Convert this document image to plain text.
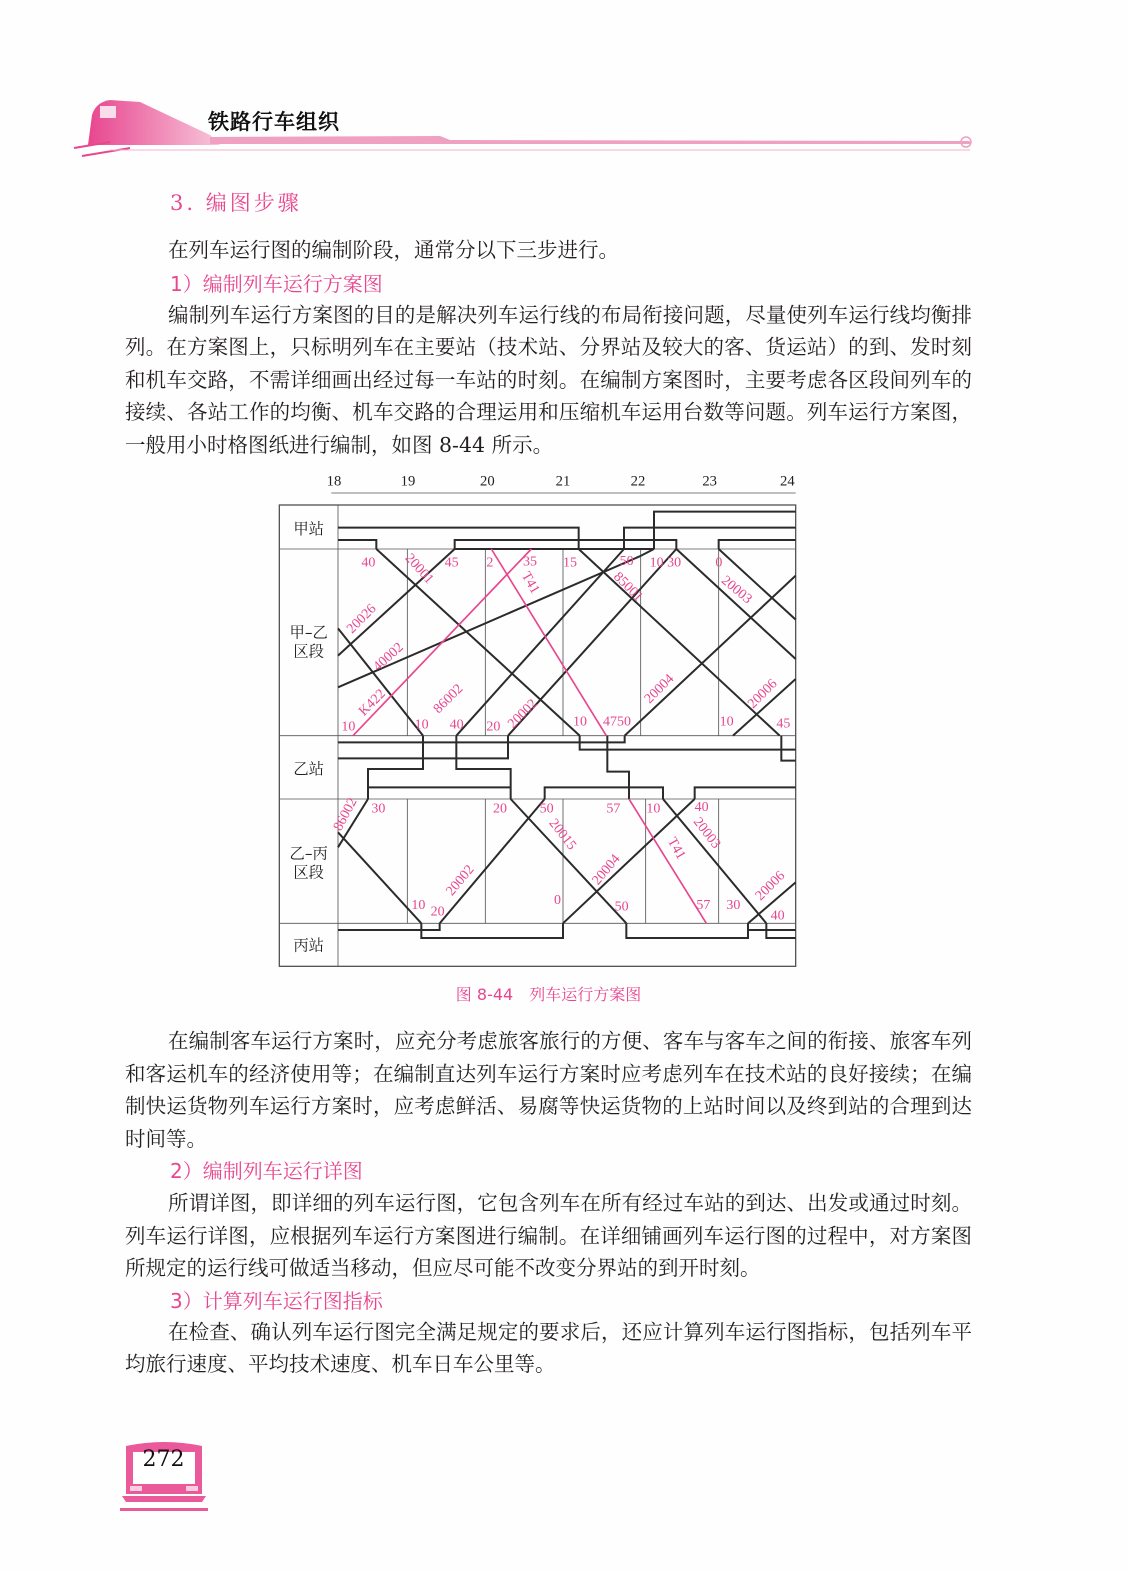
铁路行车组织
3. 编图步骤

在列车运行图的编制阶段，通常分以下三步进行。

1）编制列车运行方案图

编制列车运行方案图的目的是解决列车运行线的布局衔接问题，尽量使列车运行线均衡排列。在方案图上，只标明列车在主要站（技术站、分界站及较大的客、货运站）的到、发时刻和机车交路，不需详细画出经过每一车站的时刻。在编制方案图时，主要考虑各区段间列车的接续、各站工作的均衡、机车交路的合理运用和压缩机车运用台数等问题。列车运行方案图，一般用小时格图纸进行编制，如图 8-44 所示。

18 19 20 21 22 23 24
甲站
甲–乙
区段
乙站
乙–丙
区段
丙站
40 45 2 35 15 50 10 30 0
10 10 40 20 10 4750 10 45
30	20 50 57 10 40
10 20
0 50 57 30
40
20001 T41 85001 20003
20026
40002
K422 86002 20002
20004 20006
86002
20015
20004
T41 20003
20002	20006
图 8-44　列车运行方案图

在编制客车运行方案时，应充分考虑旅客旅行的方便、客车与客车之间的衔接、旅客车列和客运机车的经济使用等；在编制直达列车运行方案时应考虑列车在技术站的良好接续；在编制快运货物列车运行方案时，应考虑鲜活、易腐等快运货物的上站时间以及终到站的合理到达时间等。

2）编制列车运行详图

所谓详图，即详细的列车运行图，它包含列车在所有经过车站的到达、出发或通过时刻。列车运行详图，应根据列车运行方案图进行编制。在详细铺画列车运行图的过程中，对方案图所规定的运行线可做适当移动，但应尽可能不改变分界站的到开时刻。

3）计算列车运行图指标

在检查、确认列车运行图完全满足规定的要求后，还应计算列车运行图指标，包括列车平均旅行速度、平均技术速度、机车日车公里等。

272
